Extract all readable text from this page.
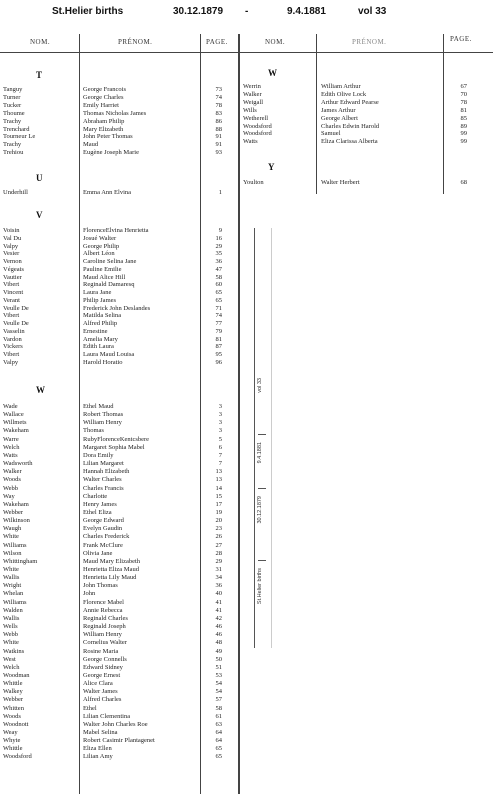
St.Helier births	30.12.1879 -	9.4.1881	vol 33
NOM.	PRÉNOM.	PAGE.	NOM.	PRÉNOM.	PAGE.
T
Tanguy	George Francois	73
Turner	George Charles	74
Tucker	Emily Harriet	78
Thoume	Thomas Nicholas James	83
Trachy	Abraham Philip	86
Trenchard	Mary Elizabeth	88
Tourneur Le	John Peter Thomas	91
Trachy	Maud	91
Trehiou	Eugène Joseph Marie	93
U
Underhill	Emma Ann Elvina	1
V
Voisin	FlorenceElvina Henrietta	9
Val Du	Josué Walter	16
Valpy	George Philip	29
Vesier	Albert Léon	35
Vernon	Caroline Selina Jane	36
Végeais	Pauline Emilie	47
Vautier	Maud Alice Hill	58
Vibert	Reginald Damaresq	60
Vincent	Laura Jane	65
Verant	Philip James	65
Veulle De	Frederick John Deslandes	71
Vibert	Matilda Selina	74
Veulle De	Alfred Philip	77
Vasselin	Ernestine	79
Vardon	Amelia Mary	81
Vickers	Edith Laura	87
Vibert	Laura Maud Louisa	95
Valpy	Harold Horatio	96
W
Wade	Ethel Maud	3
Wallace	Robert Thomas	3
Willmets	William Henry	3
Wakeham	Thomas	3
Warre	RubyFlorenceKentcsbere	5
Welch	Margaret Sophia Mabel	6
Watts	Dora Emily	7
Wadsworth	Lilian Margaret	7
Walker	Hannah Elizabeth	13
Woods	Walter Charles	13
Webb	Charles Francis	14
Way	Charlotte	15
Wakeham	Henry James	17
Webber	Ethel Eliza	19
Wilkinson	George Edward	20
Waugh	Evelyn Gaudin	23
White	Charles Frederick	26
Williams	Frank McClure	27
Wilson	Olivia Jane	28
Whittingham	Maud Mary Elizabeth	29
White	Henrietta Eliza Maud	31
Wallis	Henrietta Lily Maud	34
Wright	John Thomas	36
Whelan	John	40
Williams	Florence Mabel	41
Walden	Annie Rebecca	41
Wallis	Reginald Charles	42
Wells	Reginald Joseph	46
Webb	William Henry	46
White	Cornelius Walter	48
Watkins	Rosine Maria	49
West	George Connells	50
Welch	Edward Sidney	51
Woodman	George Ernest	53
Whittle	Alice Clara	54
Walkey	Walter James	54
Webber	Alfred Charles	57
Whitten	Ethel	58
Woods	Lilian Clementina	61
Woodnott	Walter John Charles Roe	63
Weay	Mabel Selina	64
Whyte	Robert Casimir Plantagenet	64
Whittle	Eliza Ellen	65
Woodsford	Lilian Amy	65
W
Werrin	William Arthur	67
Walker	Edith Olive Lock	70
Weigall	Arthur Edward Pearse	78
Wills	James Arthur	81
Wetherell	George Albert	85
Woodsford	Charles Edwin Harold	89
Woodsford	Samuel	99
Watts	Eliza Clarissa Alberta	99
Y
Youlton	Walter Herbert	68
St.Helier births
30.12.1879
9.4.1881
vol 33
